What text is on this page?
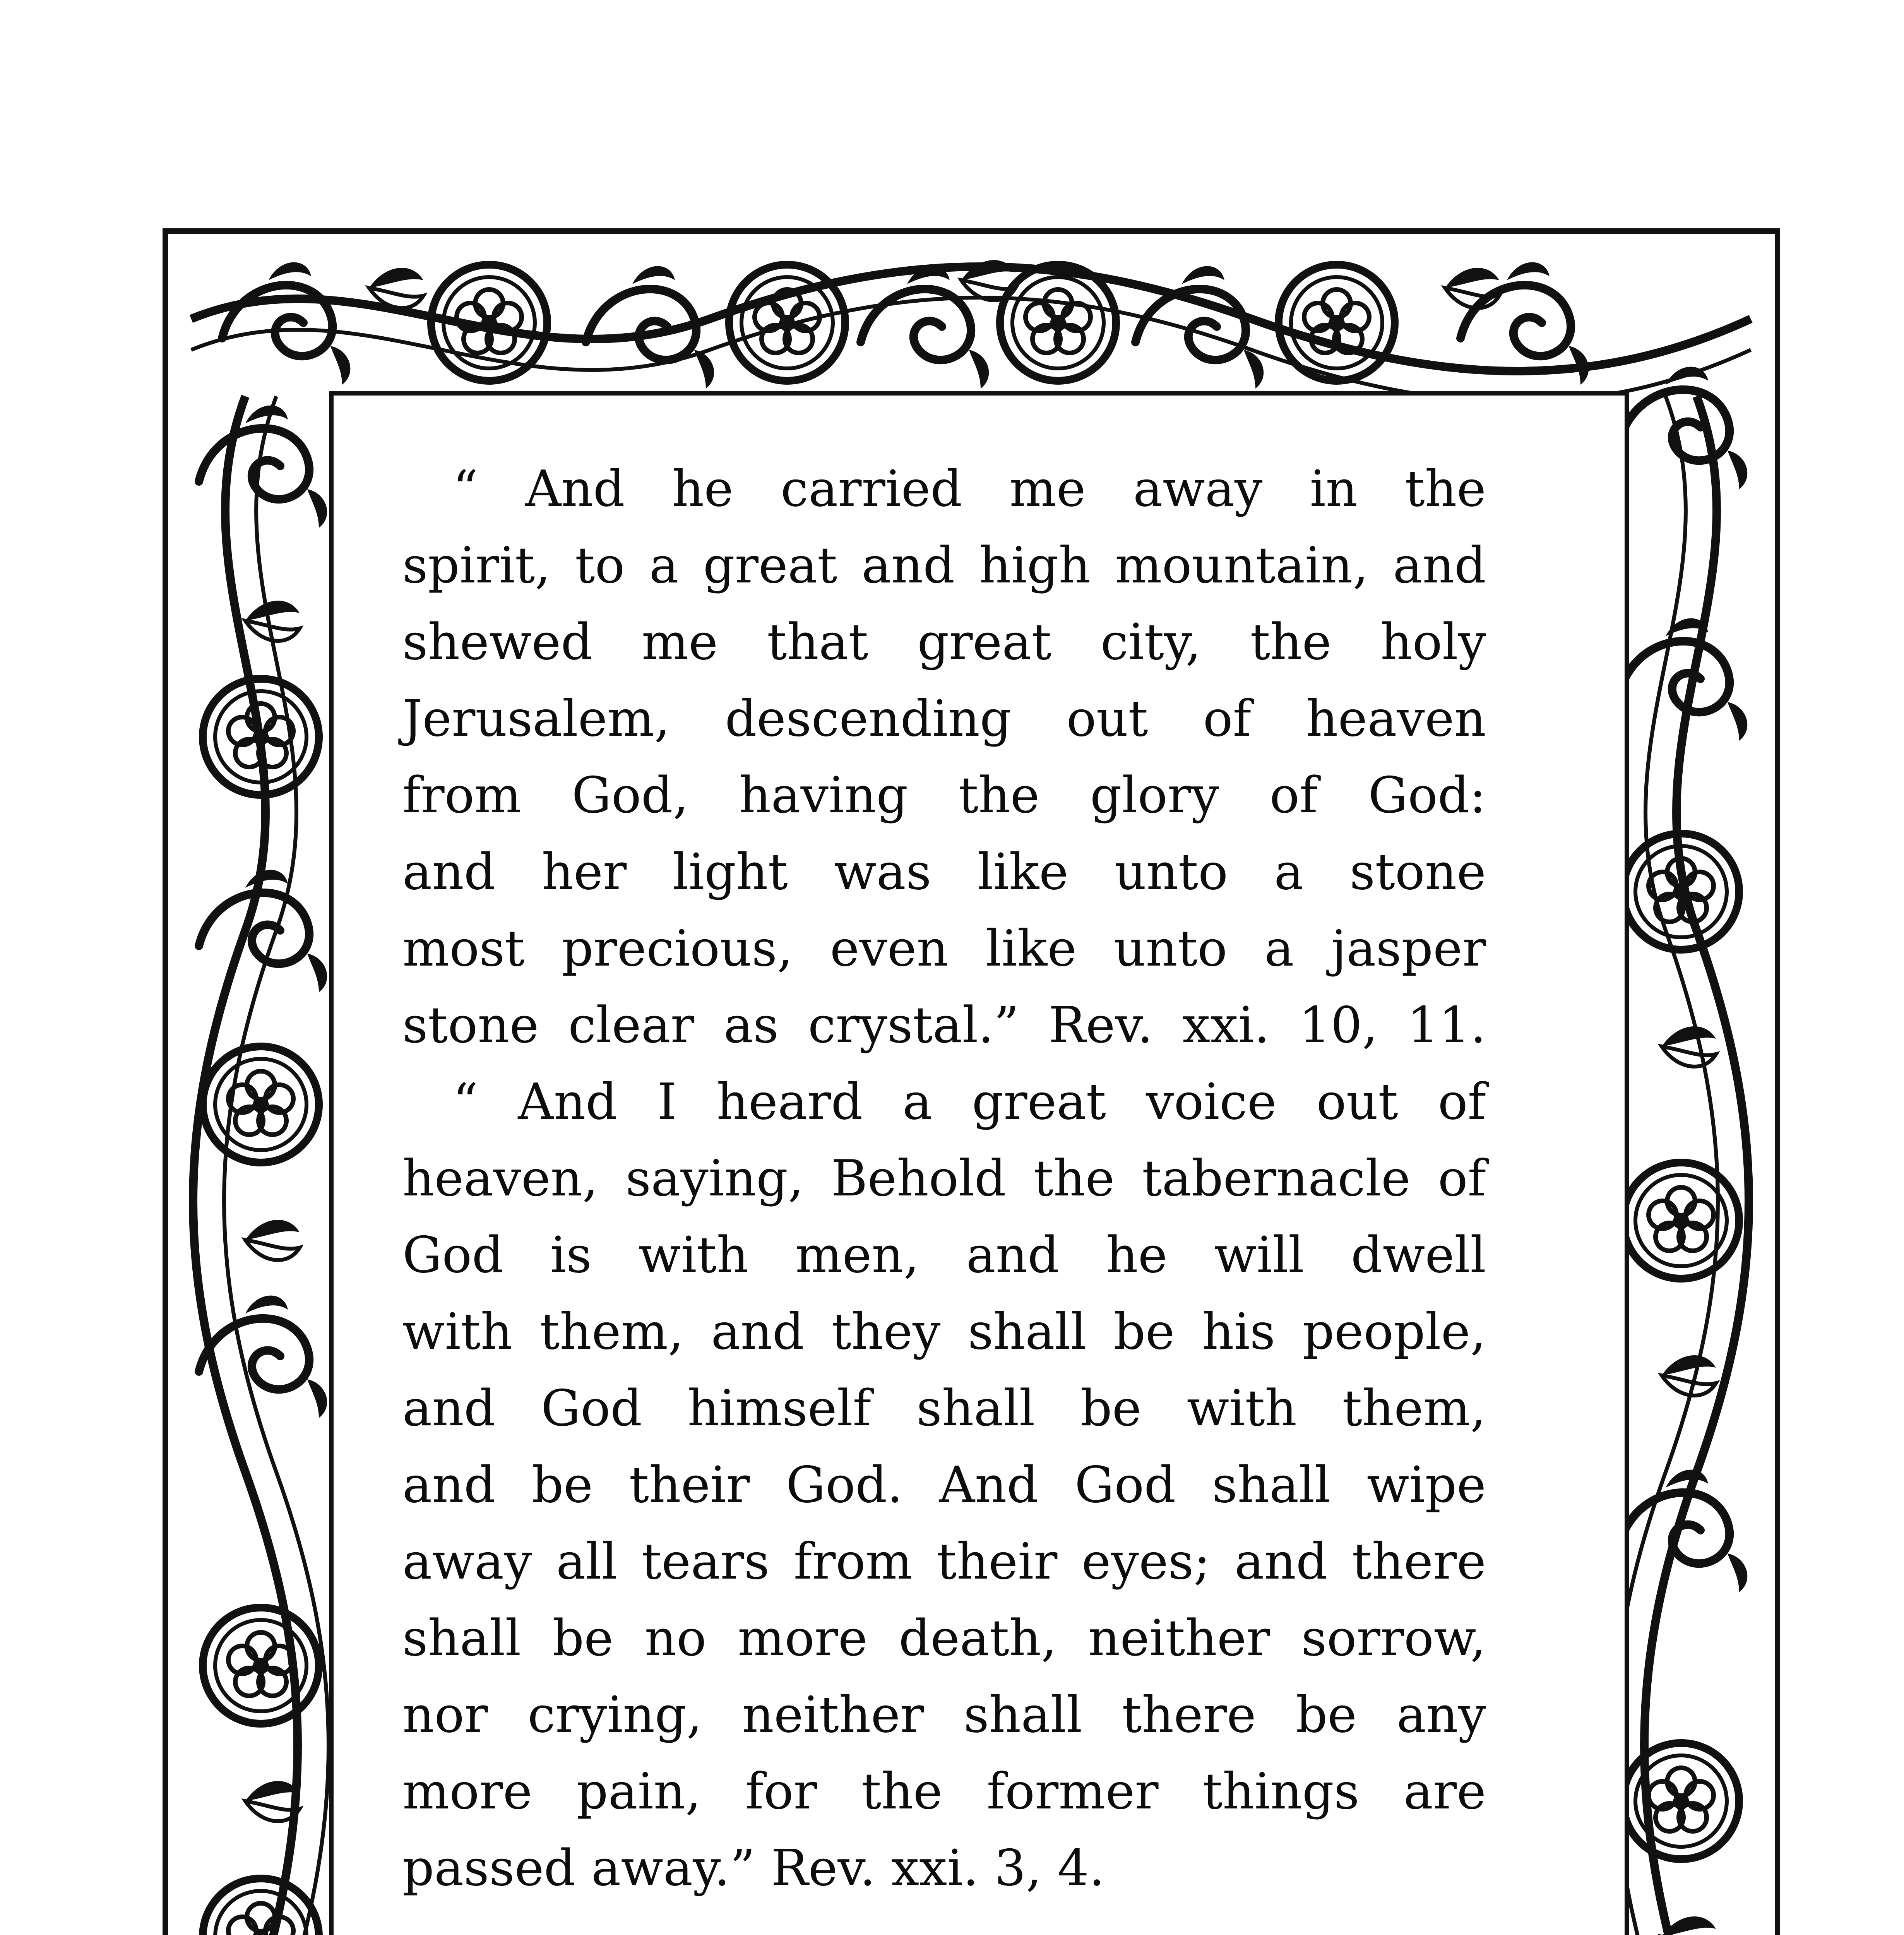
“ And he carried me away in the
spirit, to a great and high mountain, and
shewed me that great city, the holy
Jerusalem, descending out of heaven
from God, having the glory of God:
and her light was like unto a stone
most precious, even like unto a jasper
stone clear as crystal.” Rev. xxi. 10, 11.
“ And I heard a great voice out of
heaven, saying, Behold the tabernacle of
God is with men, and he will dwell
with them, and they shall be his people,
and God himself shall be with them,
and be their God. And God shall wipe
away all tears from their eyes; and there
shall be no more death, neither sorrow,
nor crying, neither shall there be any
more pain, for the former things are
passed away.” Rev. xxi. 3, 4.
